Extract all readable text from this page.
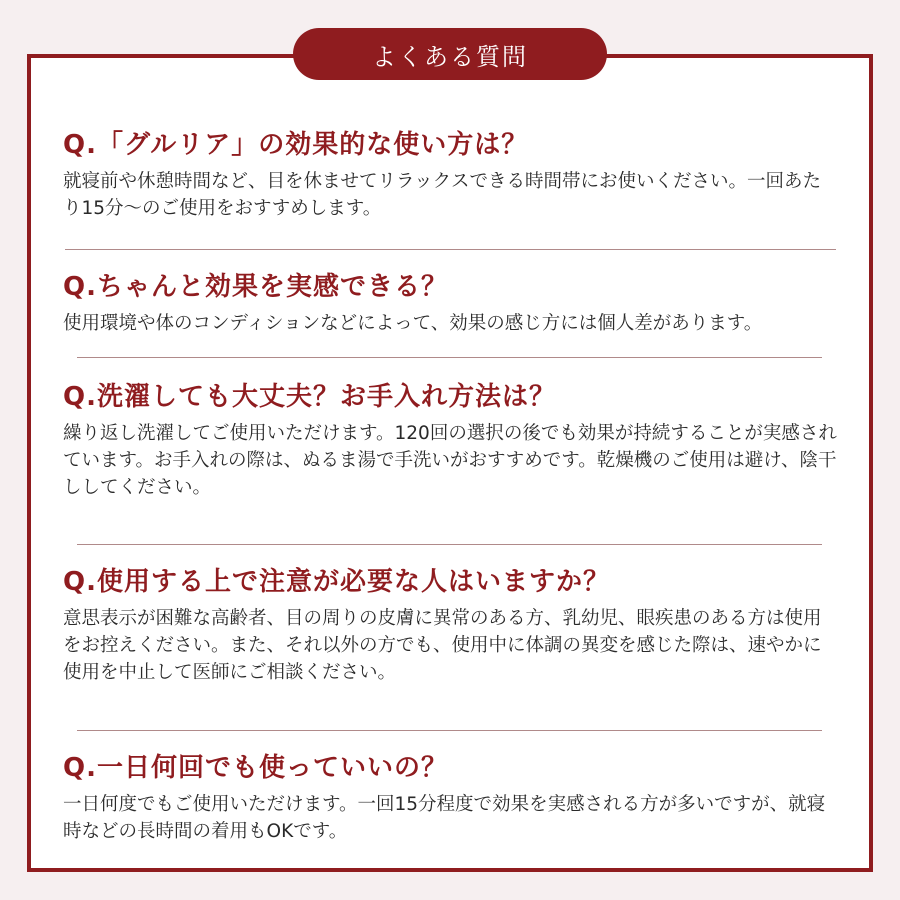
よくある質問

Q.「グルリア」の効果的な使い方は？

就寝前や休憩時間など、目を休ませてリラックスできる時間帯にお使いください。一回あたり15分〜のご使用をおすすめします。

Q.ちゃんと効果を実感できる？

使用環境や体のコンディションなどによって、効果の感じ方には個人差があります。

Q.洗濯しても大丈夫？お手入れ方法は？

繰り返し洗濯してご使用いただけます。120回の選択の後でも効果が持続することが実感されています。お手入れの際は、ぬるま湯で手洗いがおすすめです。乾燥機のご使用は避け、陰干ししてください。

Q.使用する上で注意が必要な人はいますか？

意思表示が困難な高齢者、目の周りの皮膚に異常のある方、乳幼児、眼疾患のある方は使用をお控えください。また、それ以外の方でも、使用中に体調の異変を感じた際は、速やかに使用を中止して医師にご相談ください。

Q.一日何回でも使っていいの？

一日何度でもご使用いただけます。一回15分程度で効果を実感される方が多いですが、就寝時などの長時間の着用もOKです。
